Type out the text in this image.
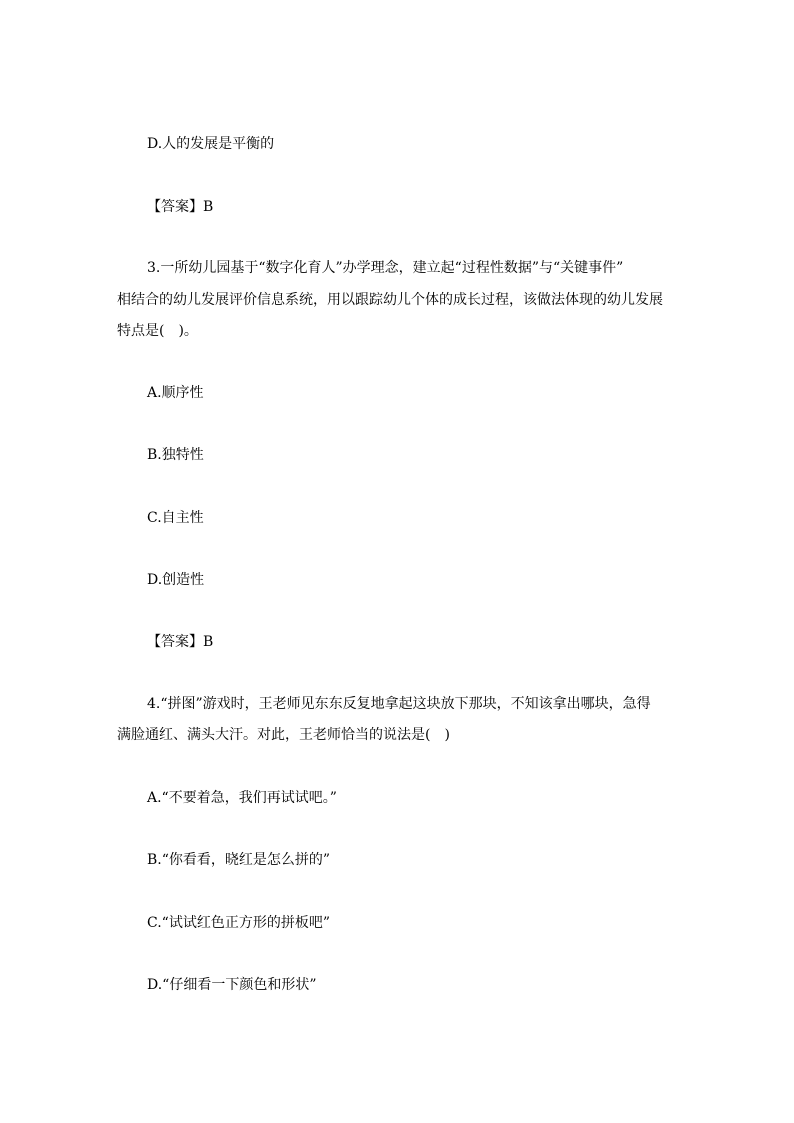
D.人的发展是平衡的
【答案】B
3.一所幼儿园基于“数字化育人”办学理念，建立起“过程性数据”与“关键事件”
相结合的幼儿发展评价信息系统，用以跟踪幼儿个体的成长过程，该做法体现的幼儿发展
特点是(　)。
A.顺序性
B.独特性
C.自主性
D.创造性
【答案】B
4.“拼图”游戏时，王老师见东东反复地拿起这块放下那块，不知该拿出哪块，急得
满脸通红、满头大汗。对此，王老师恰当的说法是(　)
A.“不要着急，我们再试试吧。”
B.“你看看，晓红是怎么拼的”
C.“试试红色正方形的拼板吧”
D.“仔细看一下颜色和形状”
